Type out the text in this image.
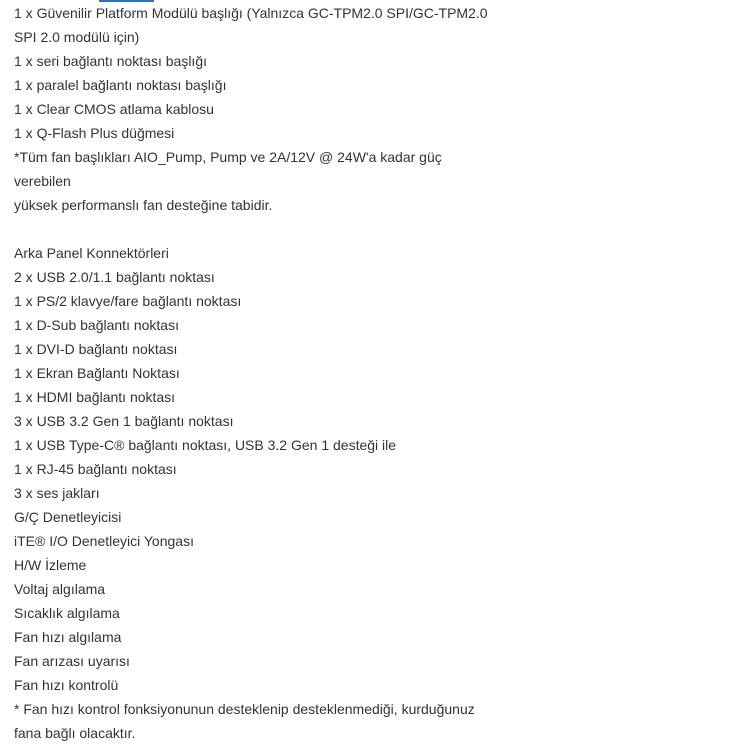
1 x Güvenilir Platform Modülü başlığı (Yalnızca GC-TPM2.0 SPI/GC-TPM2.0
SPI 2.0 modülü için)
1 x seri bağlantı noktası başlığı
1 x paralel bağlantı noktası başlığı
1 x Clear CMOS atlama kablosu
1 x Q-Flash Plus düğmesi
*Tüm fan başlıkları AIO_Pump, Pump ve 2A/12V @ 24W'a kadar güç
verebilen
yüksek performanslı fan desteğine tabidir.
Arka Panel Konnektörleri
2 x USB 2.0/1.1 bağlantı noktası
1 x PS/2 klavye/fare bağlantı noktası
1 x D-Sub bağlantı noktası
1 x DVI-D bağlantı noktası
1 x Ekran Bağlantı Noktası
1 x HDMI bağlantı noktası
3 x USB 3.2 Gen 1 bağlantı noktası
1 x USB Type-C® bağlantı noktası, USB 3.2 Gen 1 desteği ile
1 x RJ-45 bağlantı noktası
3 x ses jakları
G/Ç Denetleyicisi
iTE® I/O Denetleyici Yongası
H/W İzleme
Voltaj algılama
Sıcaklık algılama
Fan hızı algılama
Fan arızası uyarısı
Fan hızı kontrolü
* Fan hızı kontrol fonksiyonunun desteklenip desteklenmediği, kurduğunuz
fana bağlı olacaktır.
